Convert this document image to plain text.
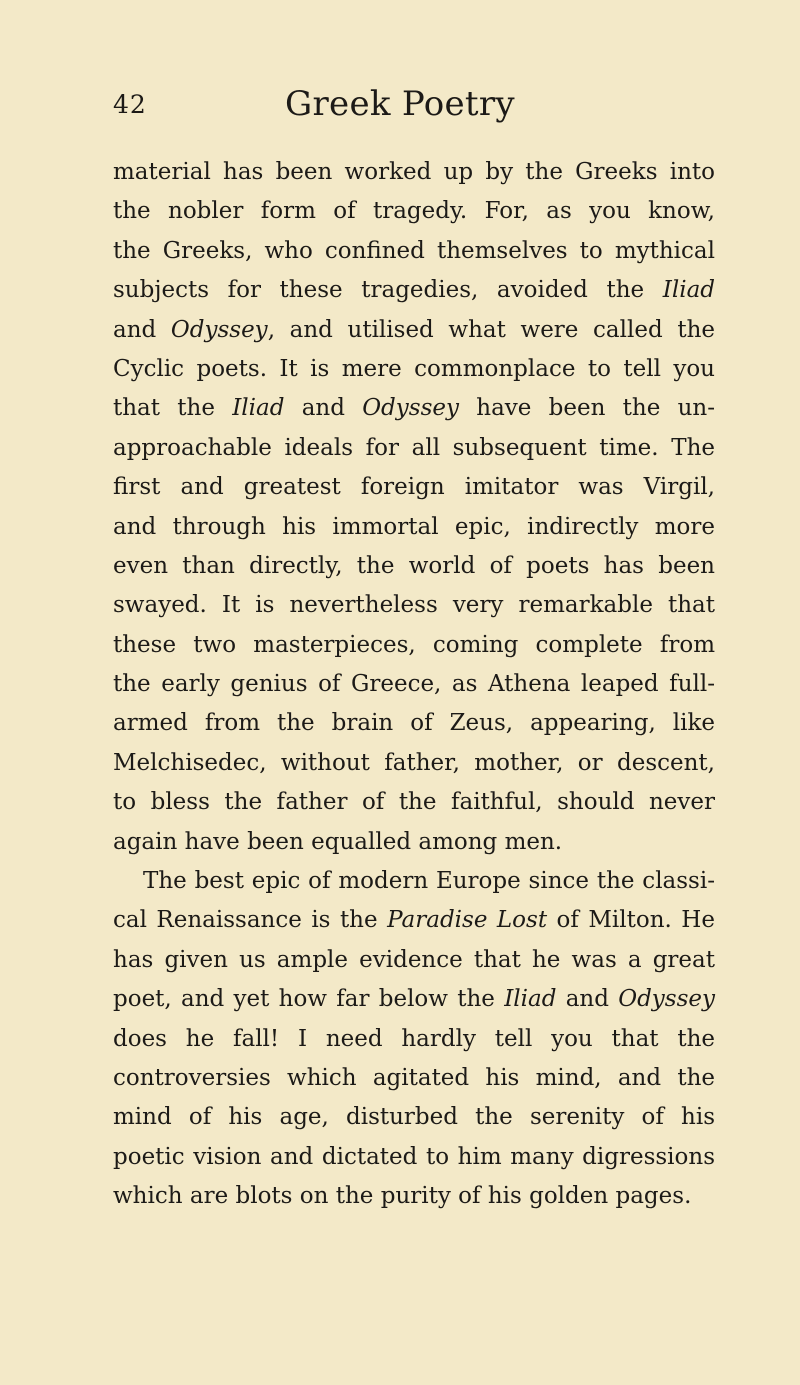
42	Greek Poetry
material has been worked up by the Greeks into
the nobler form of tragedy. For, as you know,
the Greeks, who confined themselves to mythical
subjects for these tragedies, avoided the Iliad
and Odyssey, and utilised what were called the
Cyclic poets. It is mere commonplace to tell you
that the Iliad and Odyssey have been the un-
approachable ideals for all subsequent time. The
first and greatest foreign imitator was Virgil,
and through his immortal epic, indirectly more
even than directly, the world of poets has been
swayed. It is nevertheless very remarkable that
these two masterpieces, coming complete from
the early genius of Greece, as Athena leaped full-
armed from the brain of Zeus, appearing, like
Melchisedec, without father, mother, or descent,
to bless the father of the faithful, should never
again have been equalled among men.
The best epic of modern Europe since the classi-
cal Renaissance is the Paradise Lost of Milton. He
has given us ample evidence that he was a great
poet, and yet how far below the Iliad and Odyssey
does he fall! I need hardly tell you that the
controversies which agitated his mind, and the
mind of his age, disturbed the serenity of his
poetic vision and dictated to him many digressions
which are blots on the purity of his golden pages.
